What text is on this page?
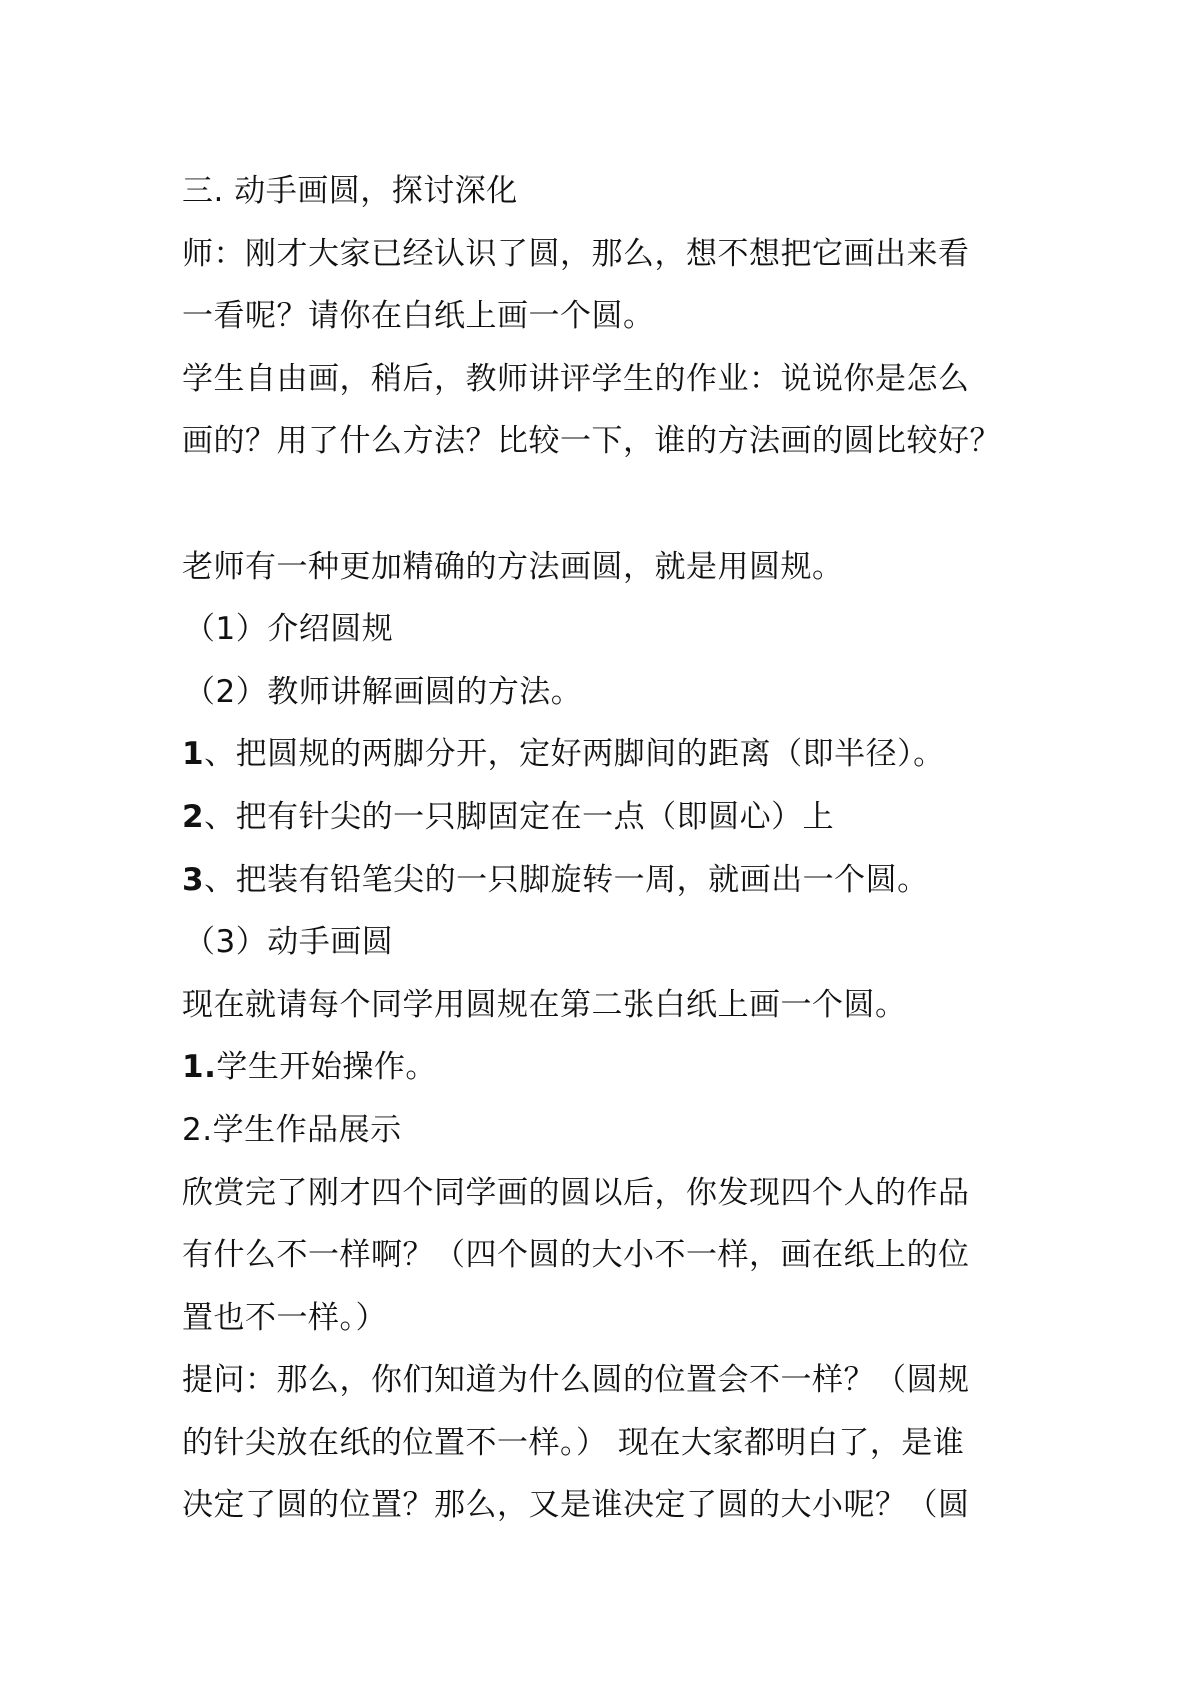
三. 动手画圆，探讨深化
师：刚才大家已经认识了圆，那么，想不想把它画出来看
一看呢？请你在白纸上画一个圆。
学生自由画，稍后，教师讲评学生的作业：说说你是怎么
画的？用了什么方法？比较一下，谁的方法画的圆比较好？
老师有一种更加精确的方法画圆，就是用圆规。
（1）介绍圆规
（2）教师讲解画圆的方法。
1、把圆规的两脚分开，定好两脚间的距离（即半径）。
2、把有针尖的一只脚固定在一点（即圆心）上
3、把装有铅笔尖的一只脚旋转一周，就画出一个圆。
（3）动手画圆
现在就请每个同学用圆规在第二张白纸上画一个圆。
1.学生开始操作。
2.学生作品展示
欣赏完了刚才四个同学画的圆以后，你发现四个人的作品
有什么不一样啊？（四个圆的大小不一样，画在纸上的位
置也不一样。）
提问：那么，你们知道为什么圆的位置会不一样？（圆规
的针尖放在纸的位置不一样。） 现在大家都明白了，是谁
决定了圆的位置？那么，又是谁决定了圆的大小呢？（圆
